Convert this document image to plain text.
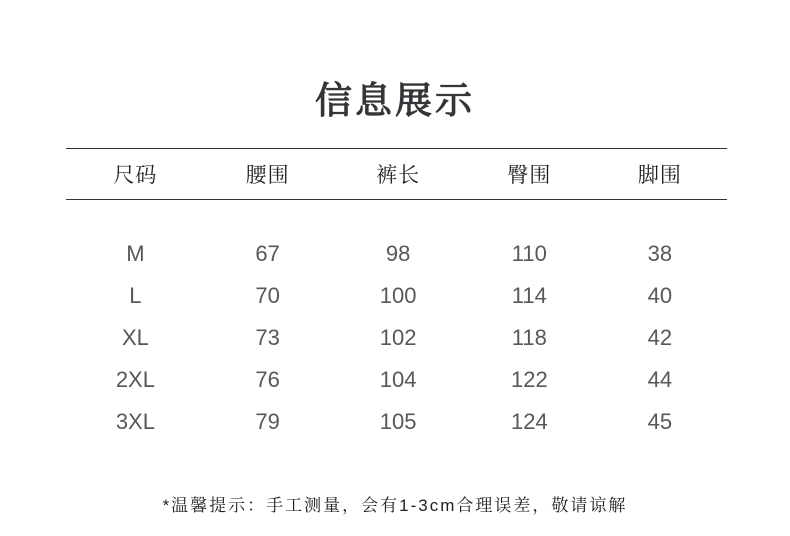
信息展示
尺码	腰围	裤长	臀围	脚围
M	67	98	110	38
L	70	100	114	40
XL	73	102	118	42
2XL	76	104	122	44
3XL	79	105	124	45

*温馨提示：手工测量，会有1-3cm合理误差，敬请谅解
